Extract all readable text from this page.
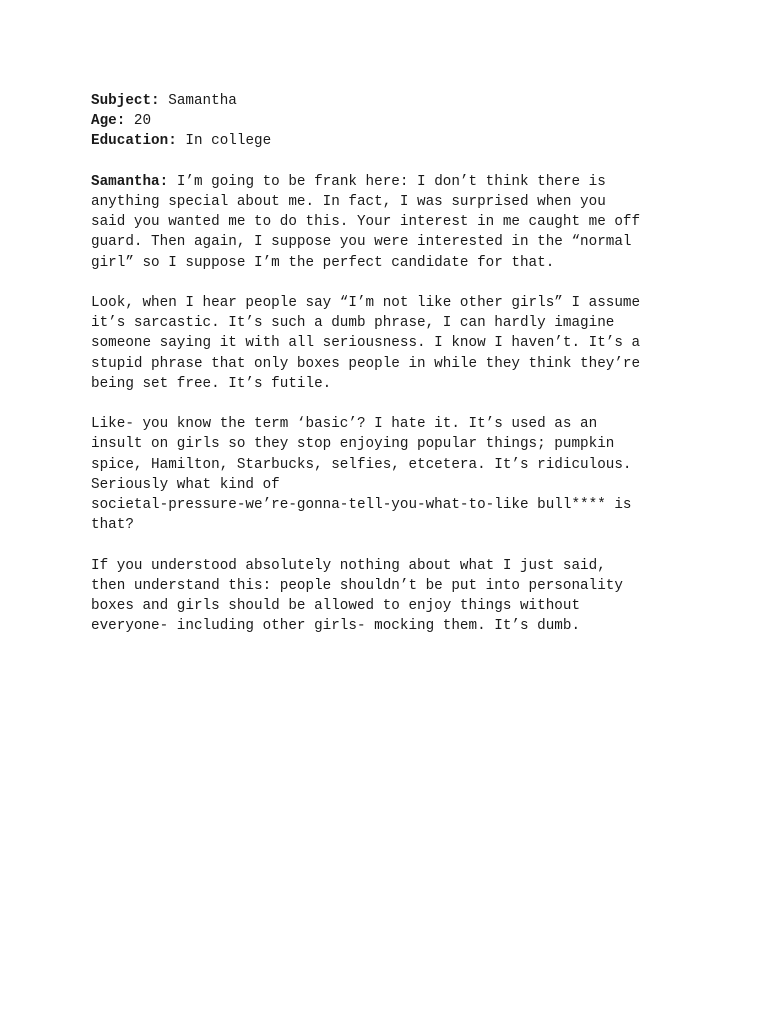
Subject: Samantha

Age: 20

Education: In college

Samantha: I’m going to be frank here: I don’t think there is

anything special about me. In fact, I was surprised when you

said you wanted me to do this. Your interest in me caught me off

guard. Then again, I suppose you were interested in the “normal

girl” so I suppose I’m the perfect candidate for that.

Look, when I hear people say “I’m not like other girls” I assume

it’s sarcastic. It’s such a dumb phrase, I can hardly imagine

someone saying it with all seriousness. I know I haven’t. It’s a

stupid phrase that only boxes people in while they think they’re

being set free. It’s futile.

Like- you know the term ‘basic’? I hate it. It’s used as an

insult on girls so they stop enjoying popular things; pumpkin

spice, Hamilton, Starbucks, selfies, etcetera. It’s ridiculous.

Seriously what kind of

societal-pressure-we’re-gonna-tell-you-what-to-like bull**** is

that?

If you understood absolutely nothing about what I just said,

then understand this: people shouldn’t be put into personality

boxes and girls should be allowed to enjoy things without

everyone- including other girls- mocking them. It’s dumb.
